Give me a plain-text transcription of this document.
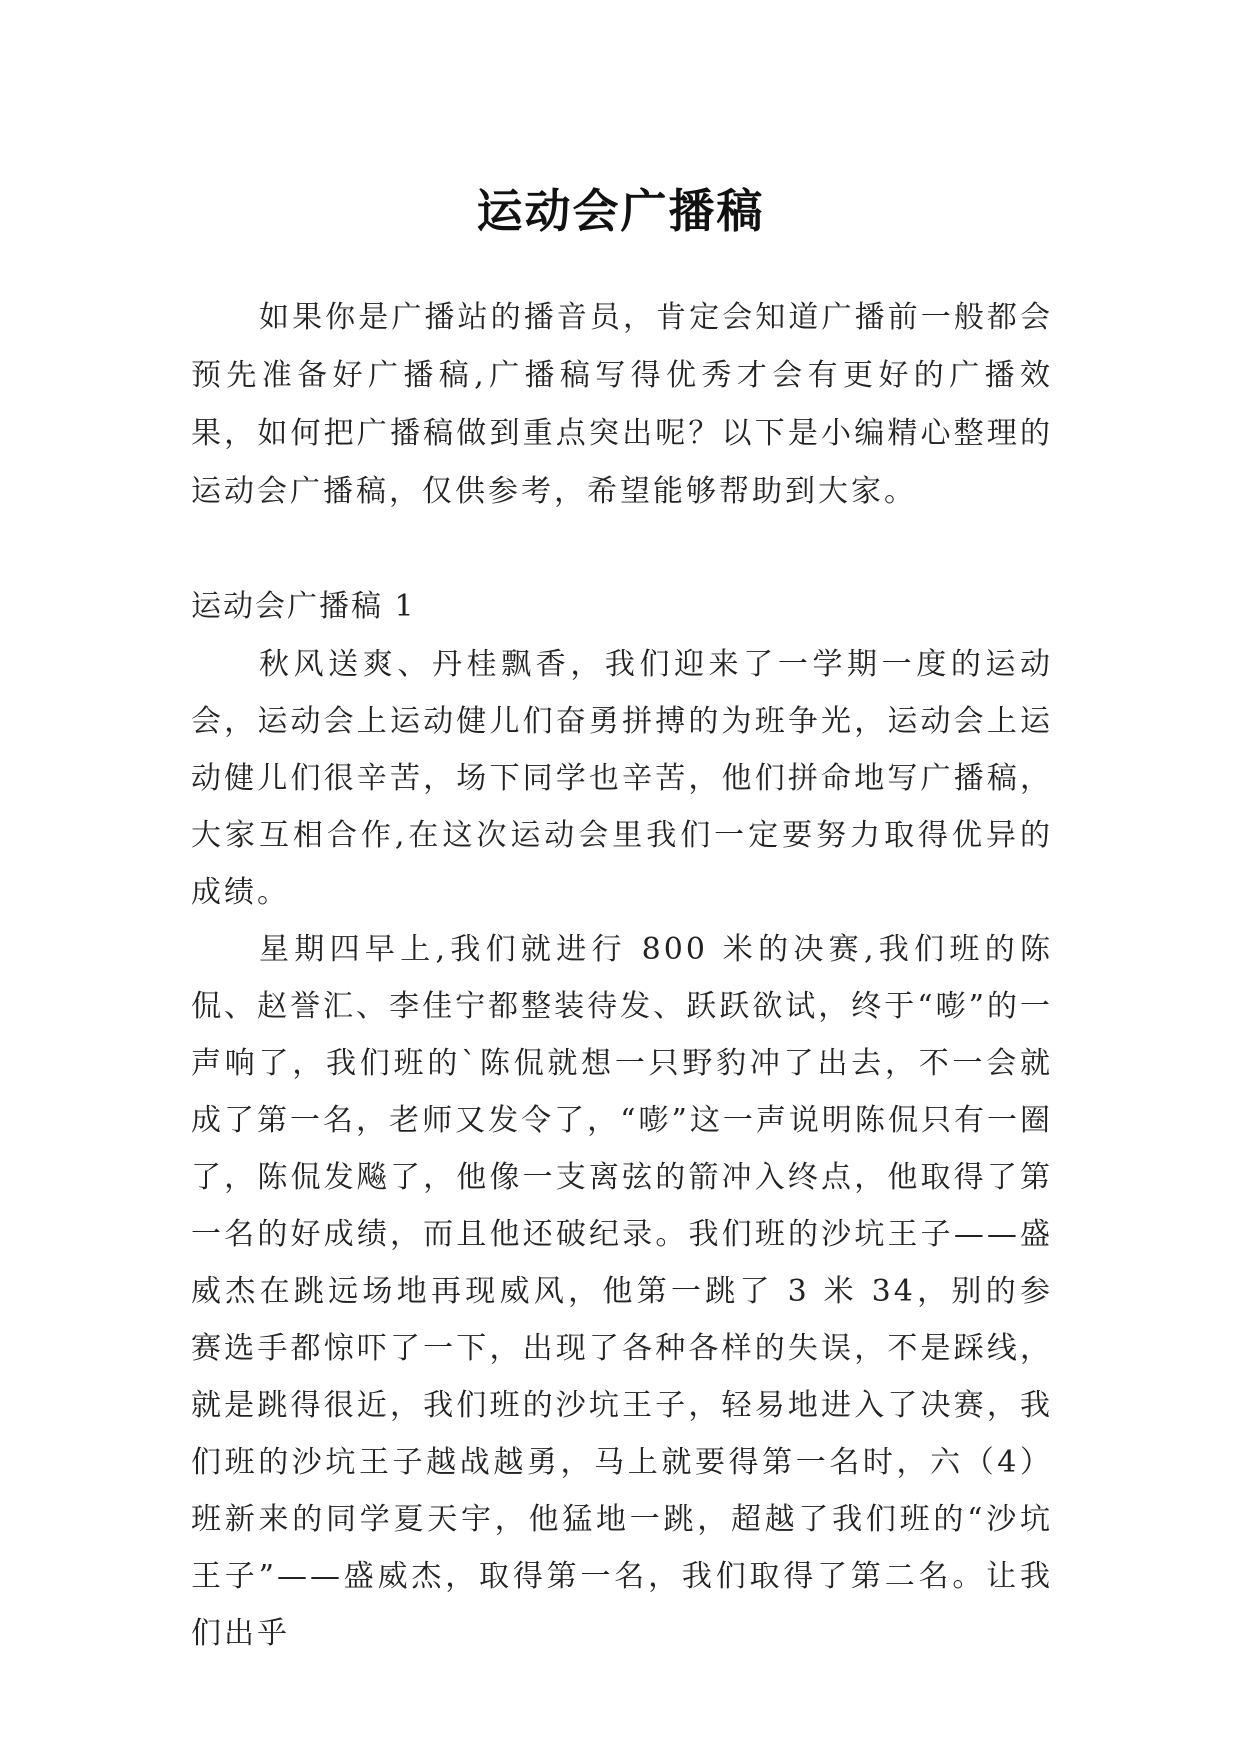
运动会广播稿

如果你是广播站的播音员，肯定会知道广播前一般都会预先准备好广播稿,广播稿写得优秀才会有更好的广播效果，如何把广播稿做到重点突出呢？以下是小编精心整理的运动会广播稿，仅供参考，希望能够帮助到大家。

运动会广播稿 1

秋风送爽、丹桂飘香，我们迎来了一学期一度的运动会，运动会上运动健儿们奋勇拼搏的为班争光，运动会上运动健儿们很辛苦，场下同学也辛苦，他们拼命地写广播稿，大家互相合作,在这次运动会里我们一定要努力取得优异的成绩。

星期四早上,我们就进行 800 米的决赛,我们班的陈侃、赵誉汇、李佳宁都整装待发、跃跃欲试，终于“嘭”的一声响了，我们班的`陈侃就想一只野豹冲了出去，不一会就成了第一名，老师又发令了，“嘭”这一声说明陈侃只有一圈了，陈侃发飚了，他像一支离弦的箭冲入终点，他取得了第一名的好成绩，而且他还破纪录。我们班的沙坑王子——盛威杰在跳远场地再现威风，他第一跳了 3 米 34，别的参赛选手都惊吓了一下，出现了各种各样的失误，不是踩线，就是跳得很近，我们班的沙坑王子，轻易地进入了决赛，我们班的沙坑王子越战越勇，马上就要得第一名时，六（4）班新来的同学夏天宇，他猛地一跳，超越了我们班的“沙坑王子”——盛威杰，取得第一名，我们取得了第二名。让我们出乎
